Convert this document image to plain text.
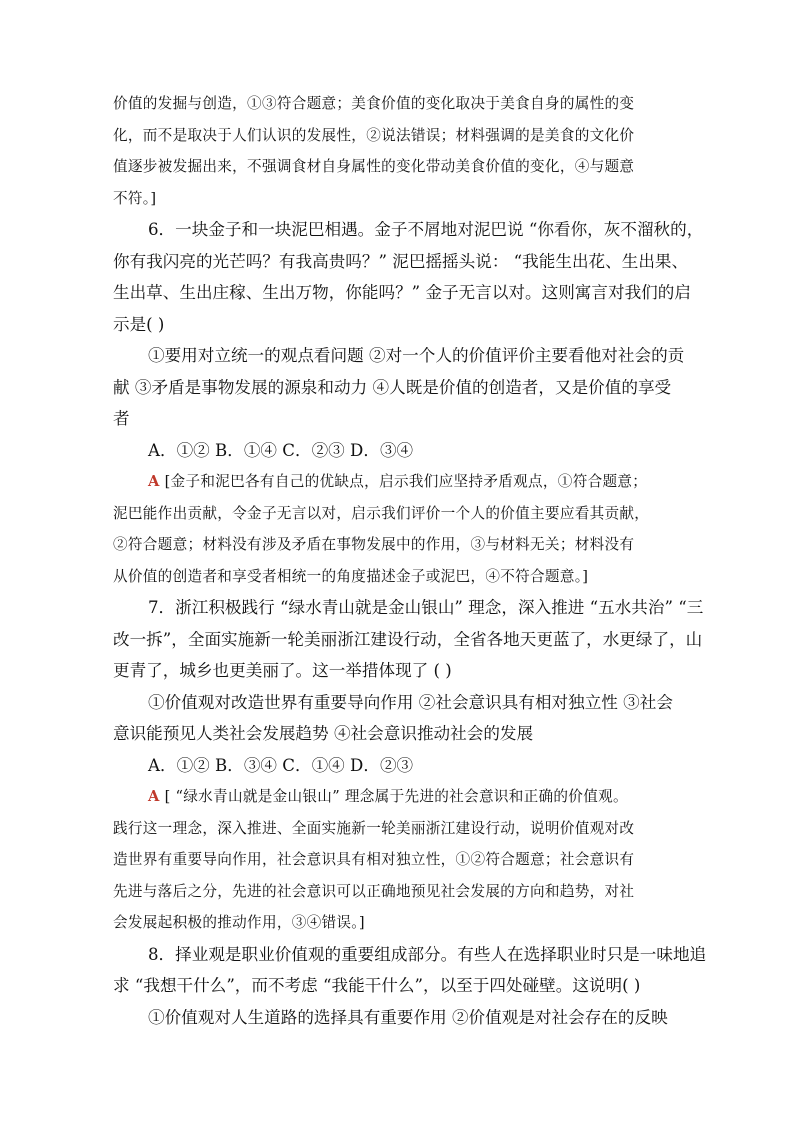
价值的发掘与创造，①③符合题意；美食价值的变化取决于美食自身的属性的变
化，而不是取决于人们认识的发展性，②说法错误；材料强调的是美食的文化价
值逐步被发掘出来，不强调食材自身属性的变化带动美食价值的变化，④与题意
不符。]
6．一块金子和一块泥巴相遇。金子不屑地对泥巴说 “你看你，灰不溜秋的，
你有我闪亮的光芒吗？有我高贵吗？” 泥巴摇摇头说： “我能生出花、生出果、
生出草、生出庄稼、生出万物，你能吗？” 金子无言以对。这则寓言对我们的启
示是( )
①要用对立统一的观点看问题 ②对一个人的价值评价主要看他对社会的贡
献 ③矛盾是事物发展的源泉和动力 ④人既是价值的创造者，又是价值的享受
者
A．①② B．①④ C．②③ D．③④
A [金子和泥巴各有自己的优缺点，启示我们应坚持矛盾观点，①符合题意；
泥巴能作出贡献，令金子无言以对，启示我们评价一个人的价值主要应看其贡献，
②符合题意；材料没有涉及矛盾在事物发展中的作用，③与材料无关；材料没有
从价值的创造者和享受者相统一的角度描述金子或泥巴，④不符合题意。]
7．浙江积极践行 “绿水青山就是金山银山” 理念，深入推进 “五水共治” “三
改一拆”，全面实施新一轮美丽浙江建设行动，全省各地天更蓝了，水更绿了，山
更青了，城乡也更美丽了。这一举措体现了 ( )
①价值观对改造世界有重要导向作用 ②社会意识具有相对独立性 ③社会
意识能预见人类社会发展趋势 ④社会意识推动社会的发展
A．①② B．③④ C．①④ D．②③
A [ “绿水青山就是金山银山” 理念属于先进的社会意识和正确的价值观。
践行这一理念，深入推进、全面实施新一轮美丽浙江建设行动，说明价值观对改
造世界有重要导向作用，社会意识具有相对独立性，①②符合题意；社会意识有
先进与落后之分，先进的社会意识可以正确地预见社会发展的方向和趋势，对社
会发展起积极的推动作用，③④错误。]
8．择业观是职业价值观的重要组成部分。有些人在选择职业时只是一味地追
求 “我想干什么”，而不考虑 “我能干什么”，以至于四处碰壁。这说明( )
①价值观对人生道路的选择具有重要作用 ②价值观是对社会存在的反映
